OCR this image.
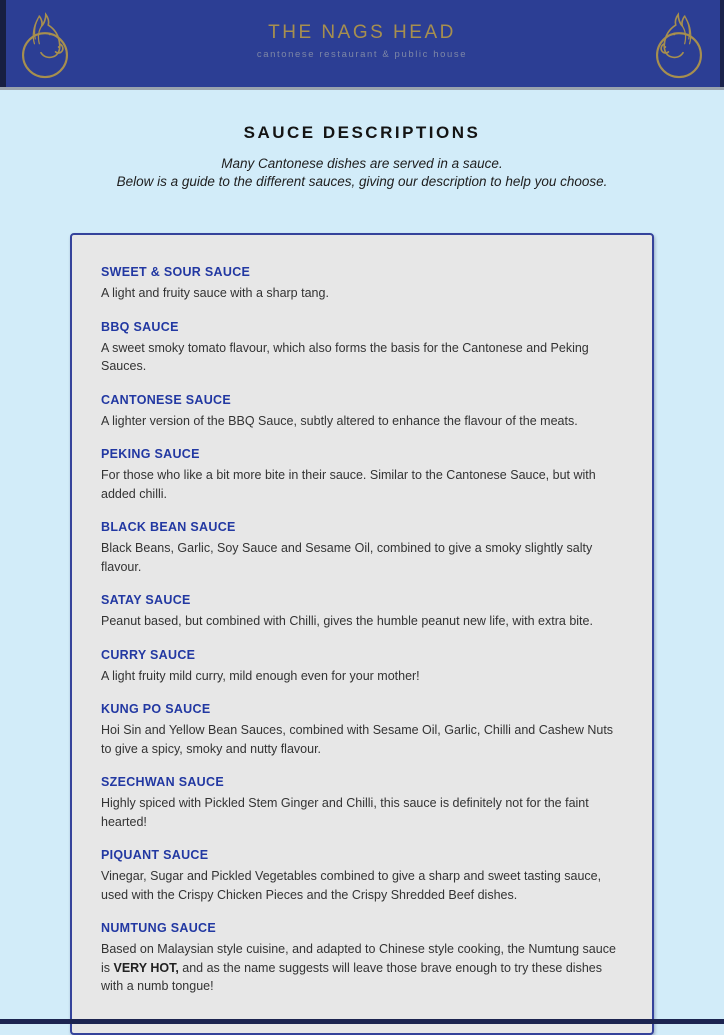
THE NAGS HEAD
cantonese restaurant & public house
SAUCE DESCRIPTIONS
Many Cantonese dishes are served in a sauce.
Below is a guide to the different sauces, giving our description to help you choose.
SWEET & SOUR SAUCE

A light and fruity sauce with a sharp tang.

BBQ SAUCE

A sweet smoky tomato flavour, which also forms the basis for the Cantonese and Peking Sauces.

CANTONESE SAUCE

A lighter version of the BBQ Sauce, subtly altered to enhance the flavour of the meats.

PEKING SAUCE

For those who like a bit more bite in their sauce. Similar to the Cantonese Sauce, but with added chilli.

BLACK BEAN SAUCE

Black Beans, Garlic, Soy Sauce and Sesame Oil, combined to give a smoky slightly salty flavour.

SATAY SAUCE

Peanut based, but combined with Chilli, gives the humble peanut new life, with extra bite.

CURRY SAUCE

A light fruity mild curry, mild enough even for your mother!

KUNG PO SAUCE

Hoi Sin and Yellow Bean Sauces, combined with Sesame Oil, Garlic, Chilli and Cashew Nuts to give a spicy, smoky and nutty flavour.

SZECHWAN SAUCE

Highly spiced with Pickled Stem Ginger and Chilli, this sauce is definitely not for the faint hearted!

PIQUANT SAUCE

Vinegar, Sugar and Pickled Vegetables combined to give a sharp and sweet tasting sauce, used with the Crispy Chicken Pieces and the Crispy Shredded Beef dishes.

NUMTUNG SAUCE

Based on Malaysian style cuisine, and adapted to Chinese style cooking, the Numtung sauce is VERY HOT, and as the name suggests will leave those brave enough to try these dishes with a numb tongue!
